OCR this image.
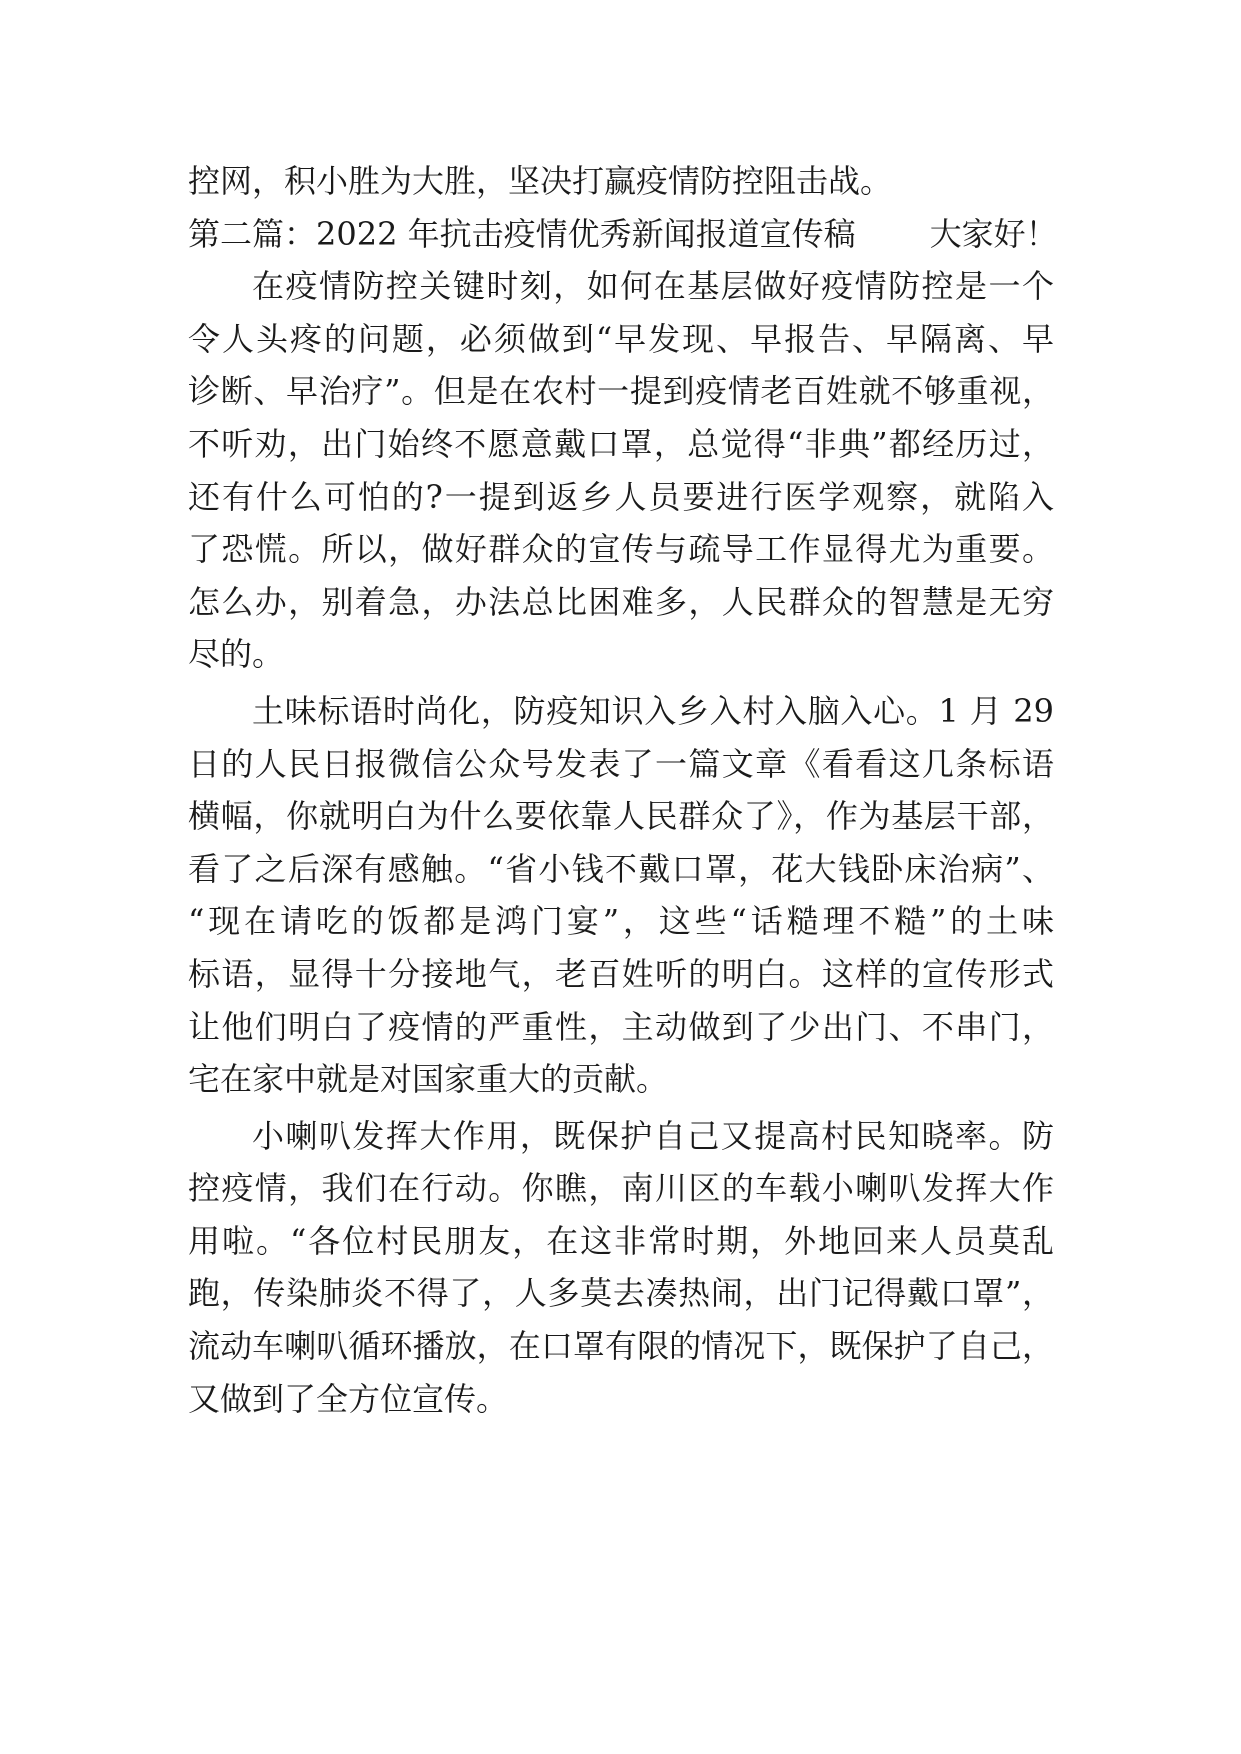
控网，积小胜为大胜，坚决打赢疫情防控阻击战。
第二篇：2022 年抗击疫情优秀新闻报道宣传稿 大家好！
在疫情防控关键时刻，如何在基层做好疫情防控是一个
令人头疼的问题，必须做到“早发现、早报告、早隔离、早
诊断、早治疗”。但是在农村一提到疫情老百姓就不够重视，
不听劝，出门始终不愿意戴口罩，总觉得“非典”都经历过，
还有什么可怕的?一提到返乡人员要进行医学观察，就陷入
了恐慌。所以，做好群众的宣传与疏导工作显得尤为重要。
怎么办，别着急，办法总比困难多，人民群众的智慧是无穷
尽的。
土味标语时尚化，防疫知识入乡入村入脑入心。1 月 29
日的人民日报微信公众号发表了一篇文章《看看这几条标语
横幅，你就明白为什么要依靠人民群众了》，作为基层干部，
看了之后深有感触。“省小钱不戴口罩，花大钱卧床治病”、
“现在请吃的饭都是鸿门宴”，这些“话糙理不糙”的土味
标语，显得十分接地气，老百姓听的明白。这样的宣传形式
让他们明白了疫情的严重性，主动做到了少出门、不串门，
宅在家中就是对国家重大的贡献。
小喇叭发挥大作用，既保护自己又提高村民知晓率。防
控疫情，我们在行动。你瞧，南川区的车载小喇叭发挥大作
用啦。“各位村民朋友，在这非常时期，外地回来人员莫乱
跑，传染肺炎不得了，人多莫去凑热闹，出门记得戴口罩”，
流动车喇叭循环播放，在口罩有限的情况下，既保护了自己，
又做到了全方位宣传。
